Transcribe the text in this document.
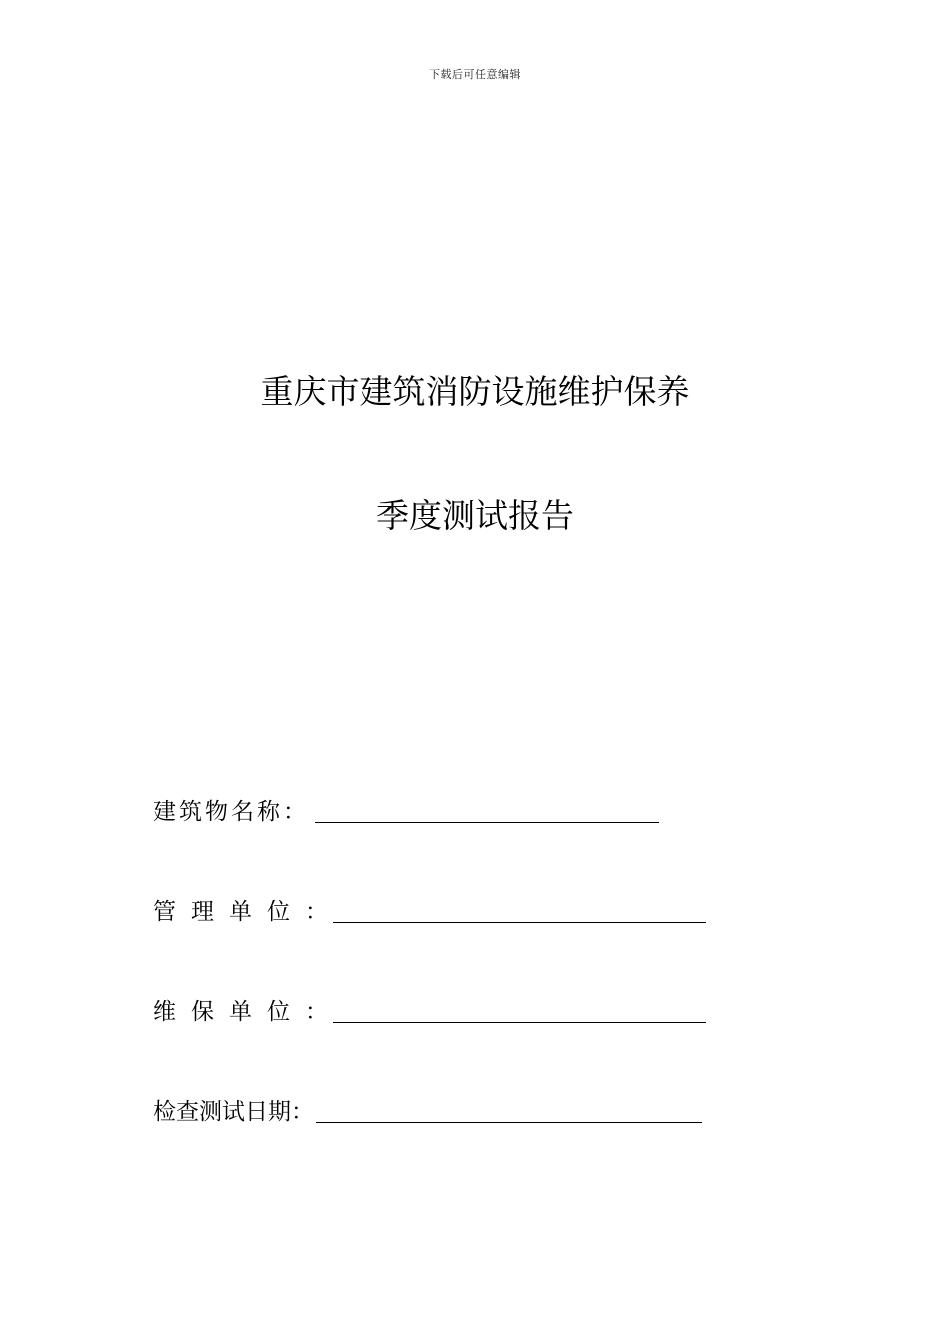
下载后可任意编辑
重庆市建筑消防设施维护保养
季度测试报告
建筑物名称：
管理单位：
维保单位：
检查测试日期：
